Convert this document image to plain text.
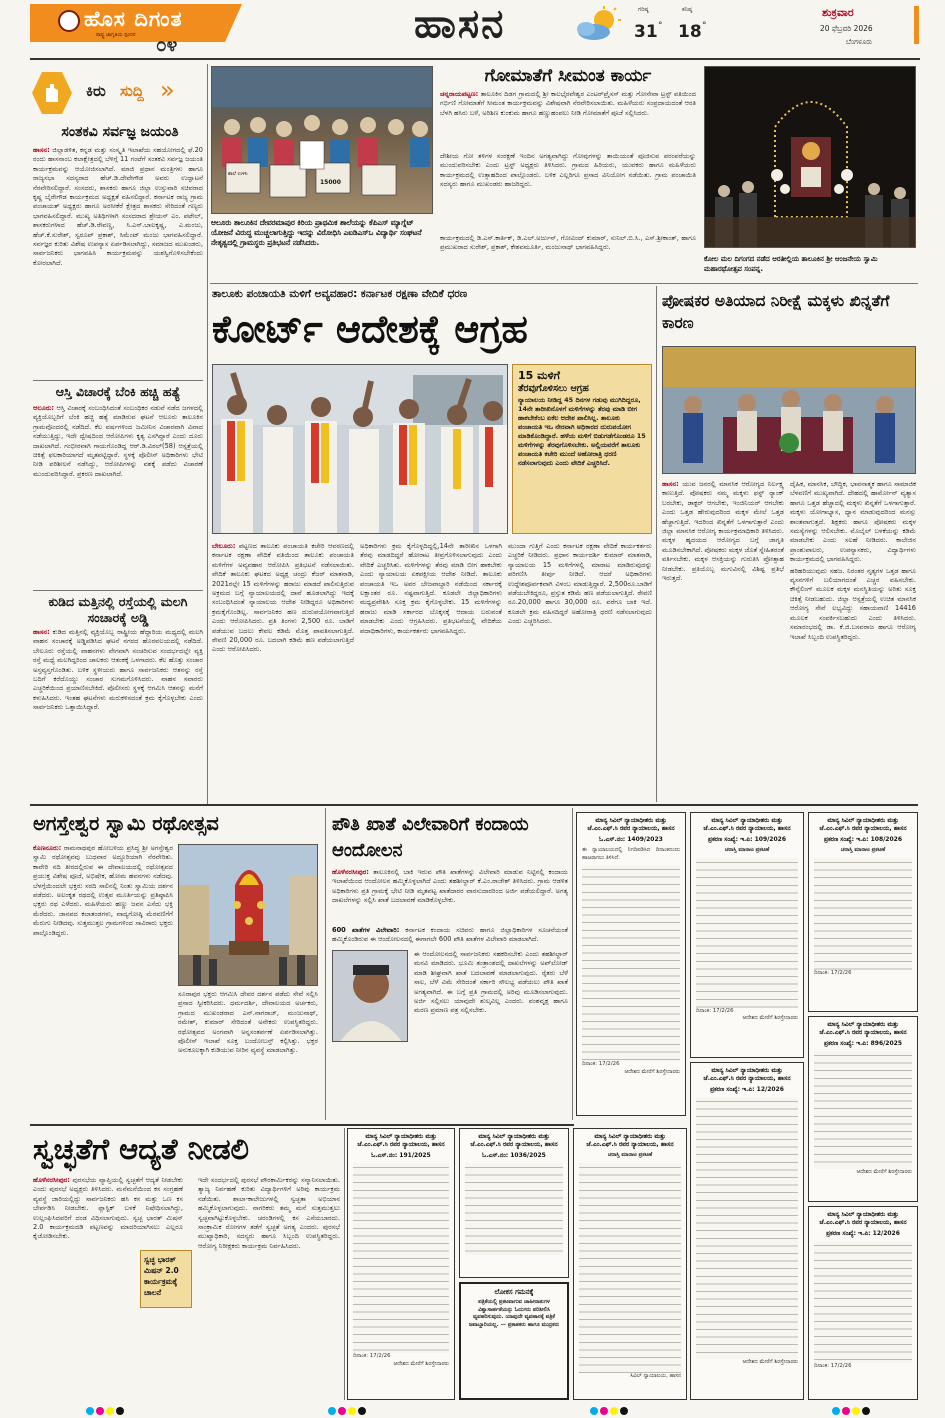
ಹೊಸ ದಿಗಂತ
ರಾಷ್ಟ್ರ ಜಾಗೃತಿಯ ಸ್ಪಂದನ ೦೪	ಹಾಸನ	ಗರಿಷ್ಠ
31 °
ಕನಿಷ್ಠ
18 °
ಶುಕ್ರವಾರ
20 ಫೆಬ್ರವರಿ 2026
ಬೆಂಗಳೂರು
ಕಿರು ಸುದ್ದಿ »
ಸಂತಕವಿ ಸರ್ವಜ್ಞ ಜಯಂತಿ
ಹಾಸನ: ಜಿಲ್ಲಾಡಳಿತ, ಕನ್ನಡ ಮತ್ತು ಸಂಸ್ಕೃತಿ ಇಲಾಖೆಯ ಸಹಯೋಗದಲ್ಲಿ ಫೆ.20 ರಂದು ಹಾಸನಾಂಬ ಕಲಾಕ್ಷೇತ್ರದಲ್ಲಿ ಬೆಳಿಗ್ಗೆ 11 ಗಂಟೆಗೆ ಸಂತಕವಿ ಸರ್ವಜ್ಞ ಜಯಂತಿ ಕಾರ್ಯಕ್ರಮವನ್ನು ಆಯೋಜಿಸಲಾಗಿದೆ. ಮಾಜಿ ಪ್ರಧಾನ ಮಂತ್ರಿಗಳು ಹಾಗೂ ರಾಜ್ಯಸಭಾ ಸದಸ್ಯರಾದ ಹೆಚ್.ಡಿ.ದೇವೇಗೌಡ ಅವರು ಉದ್ಘಾಟನೆ ನೆರವೇರಿಸಲಿದ್ದಾರೆ. ಸಂಸದರು, ಶಾಸಕರು ಹಾಗೂ ಜಿಲ್ಲಾ ಉಸ್ತುವಾರಿ ಸಚಿವರಾದ ಕೃಷ್ಣ ಬೈರೇಗೌಡ ಕಾರ್ಯಕ್ರಮದ ಅಧ್ಯಕ್ಷತೆ ವಹಿಸಲಿದ್ದಾರೆ. ಕರ್ನಾಟಕ ರಾಜ್ಯ ಗ್ರಾಮ ಪಂಚಾಯತ್ ಅಧ್ಯಕ್ಷರು ಹಾಗೂ ಅರಸೀಕೆರೆ ಕ್ಷೇತ್ರದ ಶಾಸಕರು ಸೇರಿದಂತೆ ಗಣ್ಯರು ಭಾಗವಹಿಸಲಿದ್ದಾರೆ. ಮುಖ್ಯ ಅತಿಥಿಗಳಾಗಿ ಸಂಸದರಾದ ಶ್ರೇಯಸ್ ಎಂ. ಪಟೇಲ್, ಶಾಸಕರುಗಳಾದ ಹೆಚ್.ಡಿ.ರೇವಣ್ಣ, ಸಿ.ಎನ್.ಬಾಲಕೃಷ್ಣ, ಎ.ಮಂಜು, ಹೆಚ್.ಕೆ.ಸುರೇಶ್, ಸ್ವರೂಪ್ ಪ್ರಕಾಶ್, ಸಿಮೆಂಟ್ ಮಂಜು ಭಾಗವಹಿಸಲಿದ್ದಾರೆ. ಸರ್ವಜ್ಞರ ಕುರಿತು ವಿಶೇಷ ಉಪನ್ಯಾಸ ಏರ್ಪಡಿಸಲಾಗಿದ್ದು, ಸಮಾಜದ ಮುಖಂಡರು, ಸಾರ್ವಜನಿಕರು ಭಾಗವಹಿಸಿ ಕಾರ್ಯಕ್ರಮವನ್ನು ಯಶಸ್ವಿಗೊಳಿಸಬೇಕೆಂದು ಕೋರಲಾಗಿದೆ.
ಆಸ್ತಿ ವಿಚಾರಕ್ಕೆ ಬೆಂಕಿ ಹಚ್ಚಿ ಹತ್ಯೆ
ಆಲೂರು: ಆಸ್ತಿ ವಿಚಾರಕ್ಕೆ ಸಂಬಂಧಿಸಿದಂತೆ ಸಂಬಂಧಿಕರ ನಡುವೆ ನಡೆದ ಜಗಳದಲ್ಲಿ ವ್ಯಕ್ತಿಯೊಬ್ಬರಿಗೆ ಬೆಂಕಿ ಹಚ್ಚಿ ಹತ್ಯೆ ಮಾಡಿರುವ ಘಟನೆ ಆಲೂರು ತಾಲೂಕಿನ ಗ್ರಾಮವೊಂದರಲ್ಲಿ ನಡೆದಿದೆ. ಕೆಲ ವರ್ಷಗಳಿಂದ ಜಮೀನಿನ ವಿಚಾರವಾಗಿ ವಿವಾದ ನಡೆಯುತ್ತಿದ್ದು, ಇದೇ ದ್ವೇಷದಿಂದ ಆರೋಪಿಗಳು ಕೃತ್ಯ ಎಸಗಿದ್ದಾರೆ ಎಂದು ದೂರು ದಾಖಲಾಗಿದೆ. ಗಂಭೀರವಾಗಿ ಗಾಯಗೊಂಡಿದ್ದ ಆರ್.ಡಿ.ವಿಠಲ್(58) ಆಸ್ಪತ್ರೆಯಲ್ಲಿ ಚಿಕಿತ್ಸೆ ಫಲಕಾರಿಯಾಗದೆ ಮೃತಪಟ್ಟಿದ್ದಾರೆ. ಸ್ಥಳಕ್ಕೆ ಪೊಲೀಸ್ ಅಧಿಕಾರಿಗಳು ಭೇಟಿ ನೀಡಿ ಪರಿಶೀಲನೆ ನಡೆಸಿದ್ದು, ಆರೋಪಿಗಳನ್ನು ವಶಕ್ಕೆ ಪಡೆದು ವಿಚಾರಣೆ ಮುಂದುವರಿಸಿದ್ದಾರೆ. ಪ್ರಕರಣ ದಾಖಲಾಗಿದೆ.
ಕುಡಿದ ಮತ್ತಿನಲ್ಲಿ ರಸ್ತೆಯಲ್ಲಿ ಮಲಗಿ ಸಂಚಾರಕ್ಕೆ ಅಡ್ಡಿ
ಹಾಸನ: ಕುಡಿದ ಮತ್ತಿನಲ್ಲಿ ವ್ಯಕ್ತಿಯೊಬ್ಬ ರಾಷ್ಟ್ರೀಯ ಹೆದ್ದಾರಿಯ ಮಧ್ಯದಲ್ಲಿ ಮಲಗಿ ವಾಹನ ಸಂಚಾರಕ್ಕೆ ಅಡ್ಡಿಪಡಿಸಿದ ಘಟನೆ ನಗರದ ಹೊರವಲಯದಲ್ಲಿ ನಡೆದಿದೆ. ಬೇಲೂರು ರಸ್ತೆಯಲ್ಲಿ ವಾಹನಗಳು ವೇಗವಾಗಿ ಸಂಚರಿಸುವ ಸಂದರ್ಭದಲ್ಲೇ ವ್ಯಕ್ತಿ ರಸ್ತೆ ಮಧ್ಯೆ ಮಲಗಿದ್ದರಿಂದ ಚಾಲಕರು ಆತಂಕಕ್ಕೆ ಒಳಗಾದರು. ಕೆಲ ಹೊತ್ತು ಸಂಚಾರ ಅಸ್ತವ್ಯಸ್ತಗೊಂಡಿತು. ಬಳಿಕ ಸ್ಥಳೀಯರು ಹಾಗೂ ಸಾರ್ವಜನಿಕರು ಆತನನ್ನು ರಸ್ತೆ ಬದಿಗೆ ಕರೆದೊಯ್ದು ಸಂಚಾರ ಸುಗಮಗೊಳಿಸಿದರು. ವಾಹನ ಸವಾರರು ಎಚ್ಚರಿಕೆಯಿಂದ ಪ್ರಯಾಣಿಸಬೇಕಿದೆ. ಪೊಲೀಸರು ಸ್ಥಳಕ್ಕೆ ಆಗಮಿಸಿ ಆತನನ್ನು ಮನೆಗೆ ಕಳುಹಿಸಿದರು. ಇಂತಹ ಘಟನೆಗಳು ಮರುಕಳಿಸದಂತೆ ಕ್ರಮ ಕೈಗೊಳ್ಳಬೇಕು ಎಂದು ಸಾರ್ವಜನಿಕರು ಒತ್ತಾಯಿಸಿದ್ದಾರೆ.
15000
ಶಾಲೆ ಉಳಿಸಿ
ಆಲೂರು ತಾಲೂಕಿನ ದೇವರಮಾಪುರ ಕಿರಿಯ ಪ್ರಾಥಮಿಕ ಶಾಲೆಯನ್ನು ಕೆಪಿಎಸ್ ಮ್ಯಾಗ್ನೆಟ್ ಯೋಜನೆ ವಿರುದ್ಧ ಮುಚ್ಚಲಾಗುತ್ತಿದ್ದು ಇದನ್ನು ವಿರೋಧಿಸಿ ಎಐಡಿಎಸ್‌ಒ ವಿದ್ಯಾರ್ಥಿ ಸಂಘಟನೆ ನೇತೃತ್ವದಲ್ಲಿ ಗ್ರಾಮಸ್ಥರು ಪ್ರತಿಭಟನೆ ನಡೆಸಿದರು.
ಗೋಮಾತೆಗೆ ಸೀಮಂತ ಕಾರ್ಯ
ಚನ್ನರಾಯಪಟ್ಟಣ: ತಾಲೂಕಿನ ದಿಡಗ ಗ್ರಾಮದಲ್ಲಿ ಶ್ರೀ ಕಾಲಭೈರವೇಶ್ವರ ಎಂಟರ್‌ಪ್ರೈಸಸ್ ಮತ್ತು ಗೋಸೇವಾ ಟ್ರಸ್ಟ್ ವತಿಯಿಂದ ಗರ್ಭಿಣಿ ಗೋಮಾತೆಗೆ ಸೀಮಂತ ಕಾರ್ಯಕ್ರಮವನ್ನು ವಿಶೇಷವಾಗಿ ನೆರವೇರಿಸಲಾಯಿತು. ಮಹಿಳೆಯರು ಸಂಪ್ರದಾಯದಂತೆ ಆರತಿ ಬೆಳಗಿ ಹಸಿರು ಬಳೆ, ಅರಿಶಿಣ ಕುಂಕುಮ ಹಾಗೂ ಹಣ್ಣುಹಂಪಲು ನೀಡಿ ಗೋಮಾತೆಗೆ ಪೂಜೆ ಸಲ್ಲಿಸಿದರು.
ದೇಶೀಯ ಗೋ ತಳಿಗಳ ಸಂರಕ್ಷಣೆ ಇಂದಿನ ಅಗತ್ಯವಾಗಿದ್ದು ಗೋವುಗಳನ್ನು ತಾಯಿಯಂತೆ ಪೂಜಿಸುವ ಪರಂಪರೆಯನ್ನು ಮುಂದುವರಿಸಬೇಕು ಎಂದು ಟ್ರಸ್ಟ್ ಅಧ್ಯಕ್ಷರು ತಿಳಿಸಿದರು. ಗ್ರಾಮದ ಹಿರಿಯರು, ಯುವಕರು ಹಾಗೂ ಮಹಿಳೆಯರು ಕಾರ್ಯಕ್ರಮದಲ್ಲಿ ಉತ್ಸಾಹದಿಂದ ಪಾಲ್ಗೊಂಡರು. ಬಳಿಕ ಎಲ್ಲರಿಗೂ ಪ್ರಸಾದ ವಿನಿಯೋಗ ನಡೆಯಿತು. ಗ್ರಾಮ ಪಂಚಾಯಿತಿ ಸದಸ್ಯರು ಹಾಗೂ ಮುಖಂಡರು ಹಾಜರಿದ್ದರು.
ಕಾರ್ಯಕ್ರಮದಲ್ಲಿ ಡಿ.ಎಸ್.ಕಾರ್ತಿಕ್, ಡಿ.ಎಲ್.ಅರ್ಜುನ್, ಗೋವಿಂದ್ ಕುಮಾರ್, ಸುನಿಲ್.ಬಿ.ಸಿ., ಎಸ್.ಶ್ರೀಕಾಂತ್, ಹಾಗೂ ಪ್ರಮುಖರಾದ ಸುರೇಶ್, ಪ್ರಕಾಶ್, ಕೇಶವಮೂರ್ತಿ, ಮಂಜುನಾಥ್ ಭಾಗವಹಿಸಿದ್ದರು.
ಕೋಲ ಮಲ ದಿಗಂಗದ ನಡೆದ ಆರತೀಲ್ಲಿಯ ತಾಲೂಕಿನ ಶ್ರೀ ಆಂಜನೇಯ ಸ್ವಾಮಿ ಮಹಾರಥೋತ್ಸವ ಸಂಪನ್ನ.
ತಾಲೂಕು ಪಂಚಾಯತಿ ಮಳಿಗೆ ಅವ್ಯವಹಾರ: ಕರ್ನಾಟಕ ರಕ್ಷಣಾ ವೇದಿಕೆ ಧರಣ
ಕೋರ್ಟ್ ಆದೇಶಕ್ಕೆ ಆಗ್ರಹ
15 ಮಳಿಗೆ
ತೆರವುಗೊಳಿಸಲು ಆಗ್ರಹ
ನ್ಯಾಯಾಲಯ ನೀಡಿದ್ದ 45 ದಿನಗಳ ಗಡುವು ಮುಗಿದಿದ್ದರೂ, 14ನೇ ತಾರೀಖಿನೊಳಗೆ ಮಳಿಗೆಗಳನ್ನು ತೆರವು ಮಾಡಿ ಬೀಗ ಹಾಕಬೇಕೆಂಬ ಏಕೆಲ ಆದೇಶ ಪಾಲಿಸಿಲ್ಲ. ತಾಲೂಕು ಪಂಚಾಯತಿ ಇಒ ನೇರವಾಗಿ ಅಧಿಕಾರದ ದುರುಪಯೋಗ ಮಾಡಿಕೊಂಡಿದ್ದಾರೆ. ಹಳೆಯ ಮಳಿಗೆ ಬಿಡುಗಡೆಗೊಂಡರೂ 15 ಮಳಿಗೆಗಳನ್ನು ತೆರವುಗೊಳಿಸಬೇಕು. ಅಲ್ಲಿಯವರೆಗೆ ತಾಲೂಕು ಪಂಚಾಯತಿ ಕಚೇರಿ ಮುಂದೆ ಅಹೋರಾತ್ರಿ ಧರಣಿ ನಡೆಸಲಾಗುವುದು ಎಂದು ವೇದಿಕೆ ಎಚ್ಚರಿಸಿದೆ.
ಬೇಲೂರು: ಪಟ್ಟಣದ ತಾಲೂಕು ಪಂಚಾಯತಿ ಕಚೇರಿ ಆವರಣದಲ್ಲಿ ಕರ್ನಾಟಕ ರಕ್ಷಣಾ ವೇದಿಕೆ ವತಿಯಿಂದ ತಾಲೂಕು ಪಂಚಾಯತಿ ಮಳಿಗೆಗಳ ಅವ್ಯವಹಾರ ಆರೋಪಿಸಿ ಪ್ರತಿಭಟನೆ ನಡೆಸಲಾಯಿತು. ವೇದಿಕೆ ತಾಲೂಕು ಘಟಕದ ಅಧ್ಯಕ್ಷ ಚಂದ್ರು ಕೆಜರ್ ಮಾತನಾಡಿ, 2021ರಲ್ಲೇ 15 ಮಳಿಗೆಗಳನ್ನು ಹರಾಜು ಮಾಡದೆ ಪಾಲಿಸುತ್ತಿರುವ ಅಕ್ರಮದ ಬಗ್ಗೆ ನ್ಯಾಯಾಲಯದಲ್ಲಿ ದಾವೆ ಹೂಡಲಾಗಿದ್ದು ಇದಕ್ಕೆ ಸಂಬಂಧಿಸಿದಂತೆ ನ್ಯಾಯಾಲಯ ಆದೇಶ ನೀಡಿದ್ದರೂ ಅಧಿಕಾರಿಗಳು ಕ್ರಮಕೈಗೊಂಡಿಲ್ಲ. ಸಾರ್ವಜನಿಕರ ಹಣ ದುರುಪಯೋಗವಾಗುತ್ತಿದೆ ಎಂದು ಆರೋಪಿಸಿದರು. ಪ್ರತಿ ತಿಂಗಳು 2,500 ರೂ. ಬಾಡಿಗೆ ಪಡೆಯುವ ಬದಲು ಕೇವಲ ಕಡಿಮೆ ಮೊತ್ತ ಪಾವತಿಸಲಾಗುತ್ತಿದೆ. ಠೇವಣಿ 20,000 ರೂ. ಬದಲಾಗಿ ಕಡಿಮೆ ಹಣ ಪಡೆಯಲಾಗುತ್ತಿದೆ ಎಂದು ಆರೋಪಿಸಿದರು.
ಅಧಿಕಾರಿಗಳು ಕ್ರಮ ಕೈಗೊಳ್ಳದಿದ್ದಲ್ಲಿ,14ನೇ ತಾರೀಖಿನ ಒಳಗಾಗಿ ತೆರವು ಮಾಡದಿದ್ದರೆ ಹೋರಾಟ ತೀವ್ರಗೊಳಿಸಲಾಗುವುದು ಎಂದು ವೇದಿಕೆ ಎಚ್ಚರಿಸಿತು. ಮಳಿಗೆಗಳನ್ನು ತೆರವು ಮಾಡಿ ಬೀಗ ಹಾಕಬೇಕು ಎಂದು ನ್ಯಾಯಾಲಯ ಏಕಪಕ್ಷೀಯ ಆದೇಶ ನೀಡಿದೆ. ತಾಲೂಕು ಪಂಚಾಯತಿ ಇಒ ಅವರ ಬೇಜವಾಬ್ದಾರಿ ನಡೆಯಿಂದ ಸರ್ಕಾರಕ್ಕೆ ಲಕ್ಷಾಂತರ ರೂ. ನಷ್ಟವಾಗುತ್ತಿದೆ. ಕೂಡಲೇ ಜಿಲ್ಲಾಧಿಕಾರಿಗಳು ಮಧ್ಯಪ್ರವೇಶಿಸಿ ಸೂಕ್ತ ಕ್ರಮ ಕೈಗೊಳ್ಳಬೇಕು. 15 ಮಳಿಗೆಗಳನ್ನು ಹರಾಜು ಮಾಡಿ ಸರ್ಕಾರದ ಬೊಕ್ಕಸಕ್ಕೆ ಆದಾಯ ಬರುವಂತೆ ಮಾಡಬೇಕು ಎಂದು ಆಗ್ರಹಿಸಿದರು. ಪ್ರತಿಭಟನೆಯಲ್ಲಿ ವೇದಿಕೆಯ ಪದಾಧಿಕಾರಿಗಳು, ಕಾರ್ಯಕರ್ತರು ಭಾಗವಹಿಸಿದ್ದರು.
ಮುಂದಾ ಗುತ್ತಿಗೆ ಎಂದು ಕರ್ನಾಟಕ ರಕ್ಷಣಾ ವೇದಿಕೆ ಕಾರ್ಯಕರ್ತರು ಎಚ್ಚರಿಕೆ ನೀಡಿದರು. ಪ್ರಧಾನ ಕಾರ್ಯದರ್ಶಿ ಕುಮಾರ್ ಮಾತನಾಡಿ, ನ್ಯಾಯಾಲಯ 15 ಮಳಿಗೆಗಳಲ್ಲಿ ಮಾರಾಟ ಮಾಡಿರುವುದನ್ನು ಪರಿಗಣಿಸಿ ತೀರ್ಪು ನೀಡಿದೆ. ಆದರೆ ಅಧಿಕಾರಿಗಳು ಉದ್ದೇಶಪೂರ್ವಕವಾಗಿ ವಿಳಂಬ ಮಾಡುತ್ತಿದ್ದಾರೆ. 2,500ರೂ.ಬಾಡಿಗೆ ಪಡೆಯಬೇಕಿದ್ದರೂ, ಪ್ರಸ್ತುತ ಕಡಿಮೆ ಹಣ ಪಡೆಯಲಾಗುತ್ತಿದೆ. ಠೇವಣಿ ರೂ.20,000 ಹಾಗೂ 30,000 ರೂ. ವರೆಗೂ ಬಾಕಿ ಇದೆ. ಕೂಡಲೇ ಕ್ರಮ ವಹಿಸದಿದ್ದರೆ ಅಹೋರಾತ್ರಿ ಧರಣಿ ನಡೆಸಲಾಗುವುದು ಎಂದು ಎಚ್ಚರಿಸಿದರು.
ಪೋಷಕರ ಅತಿಯಾದ ನಿರೀಕ್ಷೆ ಮಕ್ಕಳು ಖಿನ್ನತೆಗೆ ಕಾರಣ
ಹಾಸನ: ಯುವ ಜನರಲ್ಲಿ ಮಾನಸಿಕ ಆರೋಗ್ಯದ ನಿರ್ಲಕ್ಷ್ಯ ಕಾಣುತ್ತಿದೆ. ಪೋಷಕರು ನಮ್ಮ ಮಕ್ಕಳು ಫಸ್ಟ್ ರ್‍ಯಾಂಕ್ ಬರಬೇಕು, ಡಾಕ್ಟರ್ ಆಗಬೇಕು, ಇಂಜಿನಿಯರ್ ಆಗಬೇಕು ಎಂದು ಒತ್ತಡ ಹೇರುವುದರಿಂದ ಮಕ್ಕಳ ಮೇಲೆ ಒತ್ತಡ ಹೆಚ್ಚಾಗುತ್ತಿದೆ. ಇದರಿಂದ ಖಿನ್ನತೆಗೆ ಒಳಗಾಗುತ್ತಾರೆ ಎಂದು ಜಿಲ್ಲಾ ಮಾನಸಿಕ ಆರೋಗ್ಯ ಕಾರ್ಯಕ್ರಮಾಧಿಕಾರಿ ತಿಳಿಸಿದರು. ಮಕ್ಕಳ ಹೃದಯದ ಆರೋಗ್ಯದ ಬಗ್ಗೆ ಜಾಗೃತಿ ಮೂಡಿಸಬೇಕಾಗಿದೆ. ಪೋಷಕರು ಮಕ್ಕಳ ಜೊತೆ ಸ್ನೇಹಿತರಂತೆ ವರ್ತಿಸಬೇಕು. ಮಕ್ಕಳ ಆಸಕ್ತಿಯನ್ನು ಗುರುತಿಸಿ ಪ್ರೋತ್ಸಾಹ ನೀಡಬೇಕು. ಪ್ರತಿಯೊಬ್ಬ ಮಗುವಿನಲ್ಲಿ ವಿಶಿಷ್ಟ ಪ್ರತಿಭೆ ಇರುತ್ತದೆ.
ದೈಹಿಕ, ಮಾನಸಿಕ, ಬೌದ್ಧಿಕ, ಭಾವನಾತ್ಮಕ ಹಾಗೂ ಸಾಮಾಜಿಕ ಬೆಳವಣಿಗೆ ಮುಖ್ಯವಾಗಿದೆ. ದೇಹದಲ್ಲಿ ಹಾರ್ಮೋನ್ ವ್ಯತ್ಯಾಸ ಹಾಗೂ ಒತ್ತಡ ಹೆಚ್ಚಾದಲ್ಲಿ ಮಕ್ಕಳು ಖಿನ್ನತೆಗೆ ಒಳಗಾಗುತ್ತಾರೆ. ಮಕ್ಕಳು ಯೋಗಾಭ್ಯಾಸ, ಧ್ಯಾನ ಮಾಡುವುದರಿಂದ ಮನಸ್ಸು ಶಾಂತವಾಗುತ್ತದೆ. ಶಿಕ್ಷಕರು ಹಾಗೂ ಪೋಷಕರು ಮಕ್ಕಳ ಸಮಸ್ಯೆಗಳನ್ನು ಆಲಿಸಬೇಕು. ಮೊಬೈಲ್ ಬಳಕೆಯನ್ನು ಕಡಿಮೆ ಮಾಡಬೇಕು ಎಂದು ಸಲಹೆ ನೀಡಿದರು. ಕಾಲೇಜಿನ ಪ್ರಾಂಶುಪಾಲರು, ಉಪನ್ಯಾಸಕರು, ವಿದ್ಯಾರ್ಥಿಗಳು ಕಾರ್ಯಕ್ರಮದಲ್ಲಿ ಭಾಗವಹಿಸಿದ್ದರು.

ಹರಿಹರಿಯುವುದು ಸಹಜ. ನಿರಂತರ ನೃತ್ಯಗಳ ಒತ್ತಡ ಹಾಗೂ ವ್ಯಸನಗಳಿಗೆ ಬಲಿಯಾಗದಂತೆ ಎಚ್ಚರ ವಹಿಸಬೇಕು. ಕೌನ್ಸೆಲಿಂಗ್ ಮೂಲಕ ಮಕ್ಕಳ ಮನಸ್ಥಿತಿಯನ್ನು ಅರಿತು ಸೂಕ್ತ ಚಿಕಿತ್ಸೆ ನೀಡಬಹುದು. ಜಿಲ್ಲಾ ಆಸ್ಪತ್ರೆಯಲ್ಲಿ ಉಚಿತ ಮಾನಸಿಕ ಆರೋಗ್ಯ ಸೇವೆ ಲಭ್ಯವಿದ್ದು ಸಹಾಯವಾಣಿ 14416 ಮೂಲಕ ಸಂಪರ್ಕಿಸಬಹುದು ಎಂದು ತಿಳಿಸಿದರು. ಸಮಾರಂಭದಲ್ಲಿ ಡಾ. ಕೆ.ಜಿ.ಬಸವರಾಜ ಹಾಗೂ ಆರೋಗ್ಯ ಇಲಾಖೆ ಸಿಬ್ಬಂದಿ ಉಪಸ್ಥಿತರಿದ್ದರು.
ಅಗಸ್ತೇಶ್ವರ ಸ್ವಾಮಿ ರಥೋತ್ಸವ
ಕೊಣನೂರು: ರಾಮನಾಥಪುರ ಹೋಬಳಿಯ ಪ್ರಸಿದ್ಧ ಶ್ರೀ ಅಗಸ್ತೇಶ್ವರ ಸ್ವಾಮಿ ರಥೋತ್ಸವವು ಬುಧವಾರ ಅದ್ದೂರಿಯಾಗಿ ನೆರವೇರಿತು. ಕಾವೇರಿ ನದಿ ತೀರದಲ್ಲಿರುವ ಈ ದೇವಾಲಯದಲ್ಲಿ ರಥೋತ್ಸವದ ಪ್ರಯುಕ್ತ ವಿಶೇಷ ಪೂಜೆ, ಅಭಿಷೇಕ, ಹೋಮ ಹವನಗಳು ನಡೆದವು. ಬೆಳಗ್ಗೆಯಿಂದಲೇ ಭಕ್ತರು ಸರದಿ ಸಾಲಿನಲ್ಲಿ ನಿಂತು ಸ್ವಾಮಿಯ ದರ್ಶನ ಪಡೆದರು. ಅಲಂಕೃತ ರಥದಲ್ಲಿ ಉತ್ಸವ ಮೂರ್ತಿಯನ್ನು ಪ್ರತಿಷ್ಠಾಪಿಸಿ ಭಕ್ತರು ರಥ ಎಳೆದರು. ಮಹಿಳೆಯರು ಹಣ್ಣು ಜವನ ಎಸೆದು ಭಕ್ತಿ ಮೆರೆದರು. ಜಾನಪದ ಕಲಾತಂಡಗಳು, ವಾದ್ಯಗೋಷ್ಠಿ ಮೆರವಣಿಗೆಗೆ ಮೆರುಗು ನೀಡಿದವು. ಸುತ್ತಮುತ್ತಲ ಗ್ರಾಮಗಳಿಂದ ಸಾವಿರಾರು ಭಕ್ತರು ಪಾಲ್ಗೊಂಡಿದ್ದರು.
ಸೂರಾಪುರ ಭಕ್ತರು ಆಗಮಿಸಿ ದೇವರ ದರ್ಶನ ಪಡೆದು ಸೇವೆ ಸಲ್ಲಿಸಿ ಪ್ರಸಾದ ಸ್ವೀಕರಿಸಿದರು. ಧರ್ಮದರ್ಶಿ, ದೇವಾಲಯದ ಅರ್ಚಕರು, ಗ್ರಾಮದ ಮುಖಂಡರಾದ ಎನ್.ನಾಗರಾಜ್, ಮಂಜುನಾಥ್, ರಮೇಶ್, ಕುಮಾರ್ ಸೇರಿದಂತೆ ಅನೇಕರು ಉಪಸ್ಥಿತರಿದ್ದರು. ರಥೋತ್ಸವದ ಅಂಗವಾಗಿ ಅನ್ನಸಂತರ್ಪಣೆ ಏರ್ಪಡಿಸಲಾಗಿತ್ತು. ಪೊಲೀಸ್ ಇಲಾಖೆ ಸೂಕ್ತ ಬಂದೋಬಸ್ತ್ ಕಲ್ಪಿಸಿತ್ತು. ಭಕ್ತರ ಅನುಕೂಲಕ್ಕಾಗಿ ಕುಡಿಯುವ ನೀರಿನ ವ್ಯವಸ್ಥೆ ಮಾಡಲಾಗಿತ್ತು.
ಪೌತಿ ಖಾತೆ ವಿಲೇವಾರಿಗೆ ಕಂದಾಯ ಆಂದೋಲನ
ಹೊಳೆನರಸೀಪುರ: ತಾಲೂಕಿನಲ್ಲಿ ಬಾಕಿ ಇರುವ ಪೌತಿ ಖಾತೆಗಳನ್ನು ವಿಲೇವಾರಿ ಮಾಡುವ ನಿಟ್ಟಿನಲ್ಲಿ ಕಂದಾಯ ಇಲಾಖೆಯಿಂದ ಆಂದೋಲನ ಹಮ್ಮಿಕೊಳ್ಳಲಾಗಿದೆ ಎಂದು ತಹಶೀಲ್ದಾರ್ ಕೆ.ಎಂ.ರಾಜೇಶ್ ತಿಳಿಸಿದರು. ಗ್ರಾಮ ಆಡಳಿತ ಅಧಿಕಾರಿಗಳು ಪ್ರತಿ ಗ್ರಾಮಕ್ಕೆ ಭೇಟಿ ನೀಡಿ ಮೃತಪಟ್ಟ ಖಾತೆದಾರರ ವಾರಸುದಾರರಿಂದ ಅರ್ಜಿ ಪಡೆಯಲಿದ್ದಾರೆ. ಅಗತ್ಯ ದಾಖಲೆಗಳನ್ನು ಸಲ್ಲಿಸಿ ಖಾತೆ ಬದಲಾವಣೆ ಮಾಡಿಕೊಳ್ಳಬೇಕು.
600 ಖಾತೆಗಳ ವಿಲೇವಾರಿ: ಕರ್ನಾಟಕ ಕಂದಾಯ ಸಚಿವರು ಹಾಗೂ ಜಿಲ್ಲಾಧಿಕಾರಿಗಳ ಸೂಚನೆಯಂತೆ ಹಮ್ಮಿಕೊಂಡಿರುವ ಈ ಆಂದೋಲನದಲ್ಲಿ ಈಗಾಗಲೇ 600 ಪೌತಿ ಖಾತೆಗಳ ವಿಲೇವಾರಿ ಮಾಡಲಾಗಿದೆ.
ಈ ಆಂದೋಲನದಲ್ಲಿ ಸಾರ್ವಜನಿಕರು ಸಹಕರಿಸಬೇಕು ಎಂದು ತಹಶೀಲ್ದಾರ್ ಮನವಿ ಮಾಡಿದರು. ಭೂಮಿ ತಂತ್ರಾಂಶದಲ್ಲಿ ದಾಖಲೆಗಳನ್ನು ಅಪ್‌ಲೋಡ್ ಮಾಡಿ ಶೀಘ್ರವಾಗಿ ಖಾತೆ ಬದಲಾವಣೆ ಮಾಡಲಾಗುವುದು. ರೈತರು ಬೆಳೆ ಸಾಲ, ಬೆಳೆ ವಿಮೆ ಸೇರಿದಂತೆ ಸರ್ಕಾರಿ ಸೌಲಭ್ಯ ಪಡೆಯಲು ಪೌತಿ ಖಾತೆ ಅಗತ್ಯವಾಗಿದೆ. ಈ ಬಗ್ಗೆ ಪ್ರತಿ ಗ್ರಾಮದಲ್ಲಿ ಅರಿವು ಮೂಡಿಸಲಾಗುವುದು. ಅರ್ಜಿ ಸಲ್ಲಿಸಲು ಯಾವುದೇ ಶುಲ್ಕವಿಲ್ಲ ಎಂದರು. ವಂಶವೃಕ್ಷ ಹಾಗೂ ಮರಣ ಪ್ರಮಾಣ ಪತ್ರ ಸಲ್ಲಿಸಬೇಕು.
ಮಾನ್ಯ ಸಿವಿಲ್ ನ್ಯಾಯಾಧೀಶರು ಮತ್ತು ಜೆ.ಎಂ.ಎಫ್.ಸಿ ರವರ ನ್ಯಾಯಾಲಯ, ಹಾಸನ
ಓ.ಎಸ್.ನಂ: 1409/2023
ಈ ನ್ಯಾಯಾಲಯದಲ್ಲಿ ನಿಗದಿಪಡಿಸಿದ ದಿನಾಂಕದಂದು ಹಾಜರಾಗಲು ತಿಳಿಸಿದೆ.
ದಿನಾಂಕ: 17/2/26
ಆದೇಶದ ಮೇರೆಗೆ ಶಿರಸ್ತೇದಾರರು
ಮಾನ್ಯ ಸಿವಿಲ್ ನ್ಯಾಯಾಧೀಶರು ಮತ್ತು ಜೆ.ಎಂ.ಎಫ್.ಸಿ ರವರ ನ್ಯಾಯಾಲಯ, ಹಾಸನ
ಪ್ರಕರಣ ಸಂಖ್ಯೆ: ಇ.ಪಿ: 109/2026
ಚರಾಸ್ತಿ ಮಾರಾಟ ಪ್ರಕಟಣೆ
ದಿನಾಂಕ: 17/2/26
ಆದೇಶದ ಮೇರೆಗೆ ಶಿರಸ್ತೇದಾರರು
ಮಾನ್ಯ ಸಿವಿಲ್ ನ್ಯಾಯಾಧೀಶರು ಮತ್ತು ಜೆ.ಎಂ.ಎಫ್.ಸಿ ರವರ ನ್ಯಾಯಾಲಯ, ಹಾಸನ
ಪ್ರಕರಣ ಸಂಖ್ಯೆ: ಇ.ಪಿ: 108/2026
ಚರಾಸ್ತಿ ಮಾರಾಟ ಪ್ರಕಟಣೆ
ದಿನಾಂಕ: 17/2/26
ಮಾನ್ಯ ಸಿವಿಲ್ ನ್ಯಾಯಾಧೀಶರು ಮತ್ತು ಜೆ.ಎಂ.ಎಫ್.ಸಿ ರವರ ನ್ಯಾಯಾಲಯ, ಹಾಸನ
ಪ್ರಕರಣ ಸಂಖ್ಯೆ: ಇ.ಪಿ: 896/2025
ಆದೇಶದ ಮೇರೆಗೆ ಶಿರಸ್ತೇದಾರರು
ಸ್ವಚ್ಛತೆಗೆ ಆದ್ಯತೆ ನೀಡಲಿ
ಹೊಳೆನರಸೀಪುರ: ಪುರಸಭೆಯ ವ್ಯಾಪ್ತಿಯಲ್ಲಿ ಸ್ವಚ್ಛತೆಗೆ ಆದ್ಯತೆ ನೀಡಬೇಕು ಎಂದು ಪುರಸಭೆ ಅಧ್ಯಕ್ಷರು ತಿಳಿಸಿದರು. ಮನೆಮನೆಯಿಂದ ಕಸ ಸಂಗ್ರಹಣೆ ವ್ಯವಸ್ಥೆ ಜಾರಿಯಲ್ಲಿದ್ದು ಸಾರ್ವಜನಿಕರು ಹಸಿ ಕಸ ಮತ್ತು ಒಣ ಕಸ ಬೇರ್ಪಡಿಸಿ ನೀಡಬೇಕು. ಪ್ಲಾಸ್ಟಿಕ್ ಬಳಕೆ ನಿಷೇಧಿಸಲಾಗಿದ್ದು, ಉಲ್ಲಂಘಿಸಿದವರಿಗೆ ದಂಡ ವಿಧಿಸಲಾಗುವುದು. ಸ್ವಚ್ಛ ಭಾರತ್ ಮಿಷನ್ 2.0 ಕಾರ್ಯಕ್ರಮದಡಿ ಪಟ್ಟಣವನ್ನು ಮಾದರಿಯಾಗಿಸಲು ಎಲ್ಲರೂ ಕೈಜೋಡಿಸಬೇಕು.
ಸ್ವಚ್ಛ ಭಾರತ್ ಮಿಷನ್ 2.0 ಕಾರ್ಯಕ್ರಮಕ್ಕೆ ಚಾಲನೆ
ಇದೇ ಸಂದರ್ಭದಲ್ಲಿ ಪುರಸಭೆ ಪೌರಕಾರ್ಮಿಕರನ್ನು ಸನ್ಮಾನಿಸಲಾಯಿತು. ತ್ಯಾಜ್ಯ ನಿರ್ವಹಣೆ ಕುರಿತು ವಿದ್ಯಾರ್ಥಿಗಳಿಗೆ ಅರಿವು ಕಾರ್ಯಕ್ರಮ ನಡೆಯಿತು. ಶಾಲಾ-ಕಾಲೇಜುಗಳಲ್ಲಿ ಸ್ವಚ್ಛತಾ ಅಭಿಯಾನ ಹಮ್ಮಿಕೊಳ್ಳಲಾಗುವುದು. ನಾಗರಿಕರು ತಮ್ಮ ಮನೆ ಸುತ್ತಮುತ್ತಲು ಸ್ವಚ್ಛವಾಗಿಟ್ಟುಕೊಳ್ಳಬೇಕು. ಚರಂಡಿಗಳಲ್ಲಿ ಕಸ ಎಸೆಯಬಾರದು. ಸಾಂಕ್ರಾಮಿಕ ರೋಗಗಳ ತಡೆಗೆ ಸ್ವಚ್ಛತೆ ಅಗತ್ಯ ಎಂದರು. ಪುರಸಭೆ ಮುಖ್ಯಾಧಿಕಾರಿ, ಸದಸ್ಯರು ಹಾಗೂ ಸಿಬ್ಬಂದಿ ಉಪಸ್ಥಿತರಿದ್ದರು. ಆರೋಗ್ಯ ನಿರೀಕ್ಷಕರು ಕಾರ್ಯಕ್ರಮ ನಿರ್ವಹಿಸಿದರು.
ಮಾನ್ಯ ಸಿವಿಲ್ ನ್ಯಾಯಾಧೀಶರು ಮತ್ತು ಜೆ.ಎಂ.ಎಫ್.ಸಿ ರವರ ನ್ಯಾಯಾಲಯ, ಹಾಸನ
ಓ.ಎಸ್.ನಂ: 191/2025
ದಿನಾಂಕ: 17/2/26
ಆದೇಶದ ಮೇರೆಗೆ ಶಿರಸ್ತೇದಾರರು
ಮಾನ್ಯ ಸಿವಿಲ್ ನ್ಯಾಯಾಧೀಶರು ಮತ್ತು ಜೆ.ಎಂ.ಎಫ್.ಸಿ ರವರ ನ್ಯಾಯಾಲಯ, ಹಾಸನ
ಓ.ಎಸ್.ನಂ: 1036/2025
ಲೋಕಸ ಗಮನಕ್ಕೆ
ಪತ್ರಿಕೆಯಲ್ಲಿ ಪ್ರಕಟವಾಗುವ ಜಾಹೀರಾತುಗಳ ವಿಶ್ವಾಸಾರ್ಹತೆಯನ್ನು ಓದುಗರು ಪರಿಶೀಲಿಸಿ ವ್ಯವಹರಿಸುವುದು. ಯಾವುದೇ ವ್ಯವಹಾರಕ್ಕೆ ಪತ್ರಿಕೆ ಜವಾಬ್ದಾರಿಯಲ್ಲ. — ಪ್ರಕಾಶಕರು ಹಾಗೂ ಮುದ್ರಕರು
ಮಾನ್ಯ ಸಿವಿಲ್ ನ್ಯಾಯಾಧೀಶರು ಮತ್ತು ಜೆ.ಎಂ.ಎಫ್.ಸಿ ರವರ ನ್ಯಾಯಾಲಯ, ಹಾಸನ
ಚರಾಸ್ತಿ ಮಾರಾಟ ಪ್ರಕಟಣೆ
ಸಿವಿಲ್ ನ್ಯಾಯಾಲಯ, ಹಾಸನ
ಮಾನ್ಯ ಸಿವಿಲ್ ನ್ಯಾಯಾಧೀಶರು ಮತ್ತು ಜೆ.ಎಂ.ಎಫ್.ಸಿ ರವರ ನ್ಯಾಯಾಲಯ, ಹಾಸನ
ಪ್ರಕರಣ ಸಂಖ್ಯೆ: ಇ.ಪಿ: 12/2026
ಆದೇಶದ ಮೇರೆಗೆ ಶಿರಸ್ತೇದಾರರು
ಮಾನ್ಯ ಸಿವಿಲ್ ನ್ಯಾಯಾಧೀಶರು ಮತ್ತು ಜೆ.ಎಂ.ಎಫ್.ಸಿ ರವರ ನ್ಯಾಯಾಲಯ, ಹಾಸನ
ಪ್ರಕರಣ ಸಂಖ್ಯೆ: ಇ.ಪಿ: 12/2026
ದಿನಾಂಕ: 17/2/26
